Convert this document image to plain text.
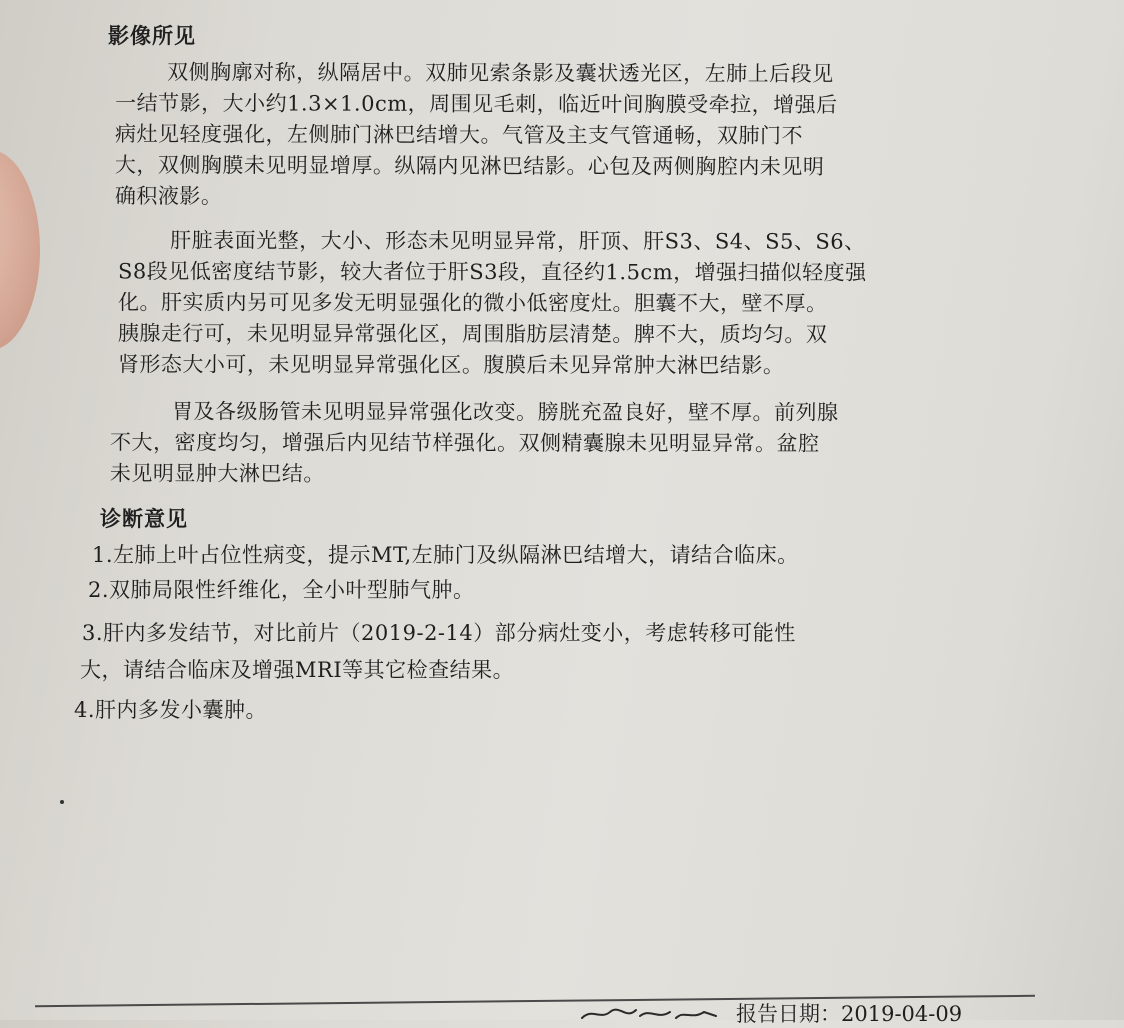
影像所见
双侧胸廓对称，纵隔居中。双肺见索条影及囊状透光区，左肺上后段见
一结节影，大小约1.3×1.0cm，周围见毛刺，临近叶间胸膜受牵拉，增强后
病灶见轻度强化，左侧肺门淋巴结增大。气管及主支气管通畅，双肺门不
大，双侧胸膜未见明显增厚。纵隔内见淋巴结影。心包及两侧胸腔内未见明
确积液影。
肝脏表面光整，大小、形态未见明显异常，肝顶、肝S3、S4、S5、S6、
S8段见低密度结节影，较大者位于肝S3段，直径约1.5cm，增强扫描似轻度强
化。肝实质内另可见多发无明显强化的微小低密度灶。胆囊不大，壁不厚。
胰腺走行可，未见明显异常强化区，周围脂肪层清楚。脾不大，质均匀。双
肾形态大小可，未见明显异常强化区。腹膜后未见异常肿大淋巴结影。
胃及各级肠管未见明显异常强化改变。膀胱充盈良好，壁不厚。前列腺
不大，密度均匀，增强后内见结节样强化。双侧精囊腺未见明显异常。盆腔
未见明显肿大淋巴结。
诊断意见
1.左肺上叶占位性病变，提示MT,左肺门及纵隔淋巴结增大，请结合临床。
2.双肺局限性纤维化，全小叶型肺气肿。
3.肝内多发结节，对比前片（2019-2-14）部分病灶变小，考虑转移可能性
大，请结合临床及增强MRI等其它检查结果。
4.肝内多发小囊肿。
报告日期：2019-04-09
